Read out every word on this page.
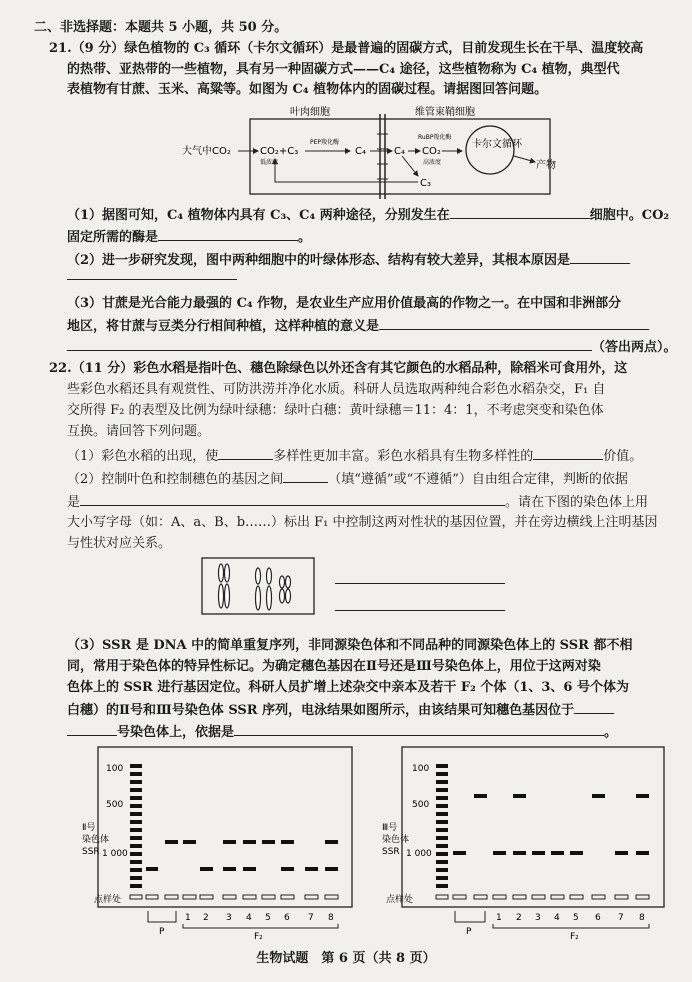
二、非选择题：本题共 5 小题，共 50 分。
21.（9 分）绿色植物的 C₃ 循环（卡尔文循环）是最普遍的固碳方式，目前发现生长在干旱、温度较高
的热带、亚热带的一些植物，具有另一种固碳方式——C₄ 途径，这些植物称为 C₄ 植物，典型代
表植物有甘蔗、玉米、高粱等。如图为 C₄ 植物体内的固碳过程。请据图回答问题。
叶肉细胞	维管束鞘细胞
大气中CO₂	CO₂+C₃
PEP羧化酶
低浓度
C₄	C₄ CO₂
高浓度
RuBP羧化酶
卡尔文循环
产物
C₃
（1）据图可知，C₄ 植物体内具有 C₃、C₄ 两种途径，分别发生在	细胞中。CO₂
固定所需的酶是	。
（2）进一步研究发现，图中两种细胞中的叶绿体形态、结构有较大差异，其根本原因是
（3）甘蔗是光合能力最强的 C₄ 作物，是农业生产应用价值最高的作物之一。在中国和非洲部分
地区，将甘蔗与豆类分行相间种植，这样种植的意义是
（答出两点）。
22.（11 分）彩色水稻是指叶色、穗色除绿色以外还含有其它颜色的水稻品种，除稻米可食用外，这
些彩色水稻还具有观赏性、可防洪涝并净化水质。科研人员选取两种纯合彩色水稻杂交，F₁ 自
交所得 F₂ 的表型及比例为绿叶绿穗：绿叶白穗：黄叶绿穗＝11：4：1，不考虑突变和染色体
互换。请回答下列问题。
（1）彩色水稻的出现，使	多样性更加丰富。彩色水稻具有生物多样性的	价值。
（2）控制叶色和控制穗色的基因之间	（填“遵循”或“不遵循”）自由组合定律，判断的依据
是	。请在下图的染色体上用
大小写字母（如：A、a、B、b……）标出 F₁ 中控制这两对性状的基因位置，并在旁边横线上注明基因
与性状对应关系。
（3）SSR 是 DNA 中的简单重复序列，非同源染色体和不同品种的同源染色体上的 SSR 都不相
同，常用于染色体的特异性标记。为确定穗色基因在Ⅱ号还是Ⅲ号染色体上，用位于这两对染
色体上的 SSR 进行基因定位。科研人员扩增上述杂交中亲本及若干 F₂ 个体（1、3、6 号个体为
白穗）的Ⅱ号和Ⅲ号染色体 SSR 序列，电泳结果如图所示，由该结果可知穗色基因位于
号染色体上，依据是	。
100
500
1 000
Ⅱ号
染色体
SSR
点样处
1 2 3 4 5 6 7 8
P	F₂
100
500
1 000
Ⅲ号
染色体
SSR
点样处
1 2 3 4 5 6 7 8
P	F₂
生物试题　第 6 页（共 8 页）
